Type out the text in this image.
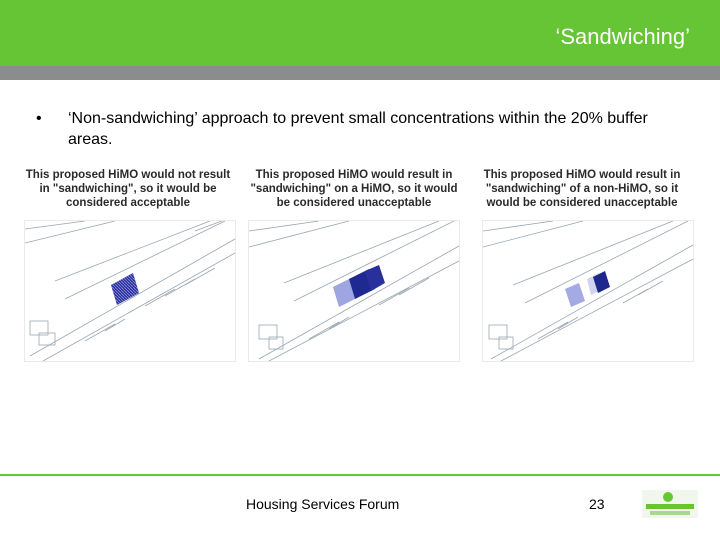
‘Sandwiching’
• ‘Non-sandwiching’ approach to prevent small concentrations within the 20% buffer areas.
This proposed HiMO would not result in "sandwiching", so it would be considered acceptable
This proposed HiMO would result in "sandwiching" on a HiMO, so it would be considered unacceptable
This proposed HiMO would result in "sandwiching" of a non-HiMO, so it would be considered unacceptable
Housing Services Forum	23
